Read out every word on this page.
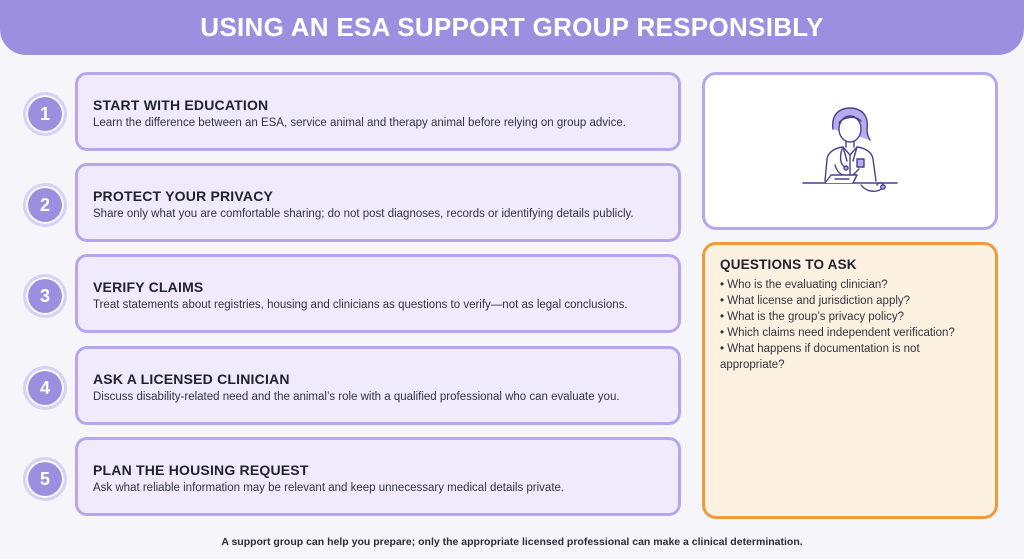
USING AN ESA SUPPORT GROUP RESPONSIBLY
1	START WITH EDUCATION

Learn the difference between an ESA, service animal and therapy animal before relying on group advice.

2	PROTECT YOUR PRIVACY

Share only what you are comfortable sharing; do not post diagnoses, records or identifying details publicly.

3	VERIFY CLAIMS

Treat statements about registries, housing and clinicians as questions to verify—not as legal conclusions.

4	ASK A LICENSED CLINICIAN

Discuss disability-related need and the animal’s role with a qualified professional who can evaluate you.

5	PLAN THE HOUSING REQUEST

Ask what reliable information may be relevant and keep unnecessary medical details private.

QUESTIONS TO ASK
• Who is the evaluating clinician?
• What license and jurisdiction apply?
• What is the group’s privacy policy?
• Which claims need independent verification?
• What happens if documentation is not appropriate?
A support group can help you prepare; only the appropriate licensed professional can make a clinical determination.
